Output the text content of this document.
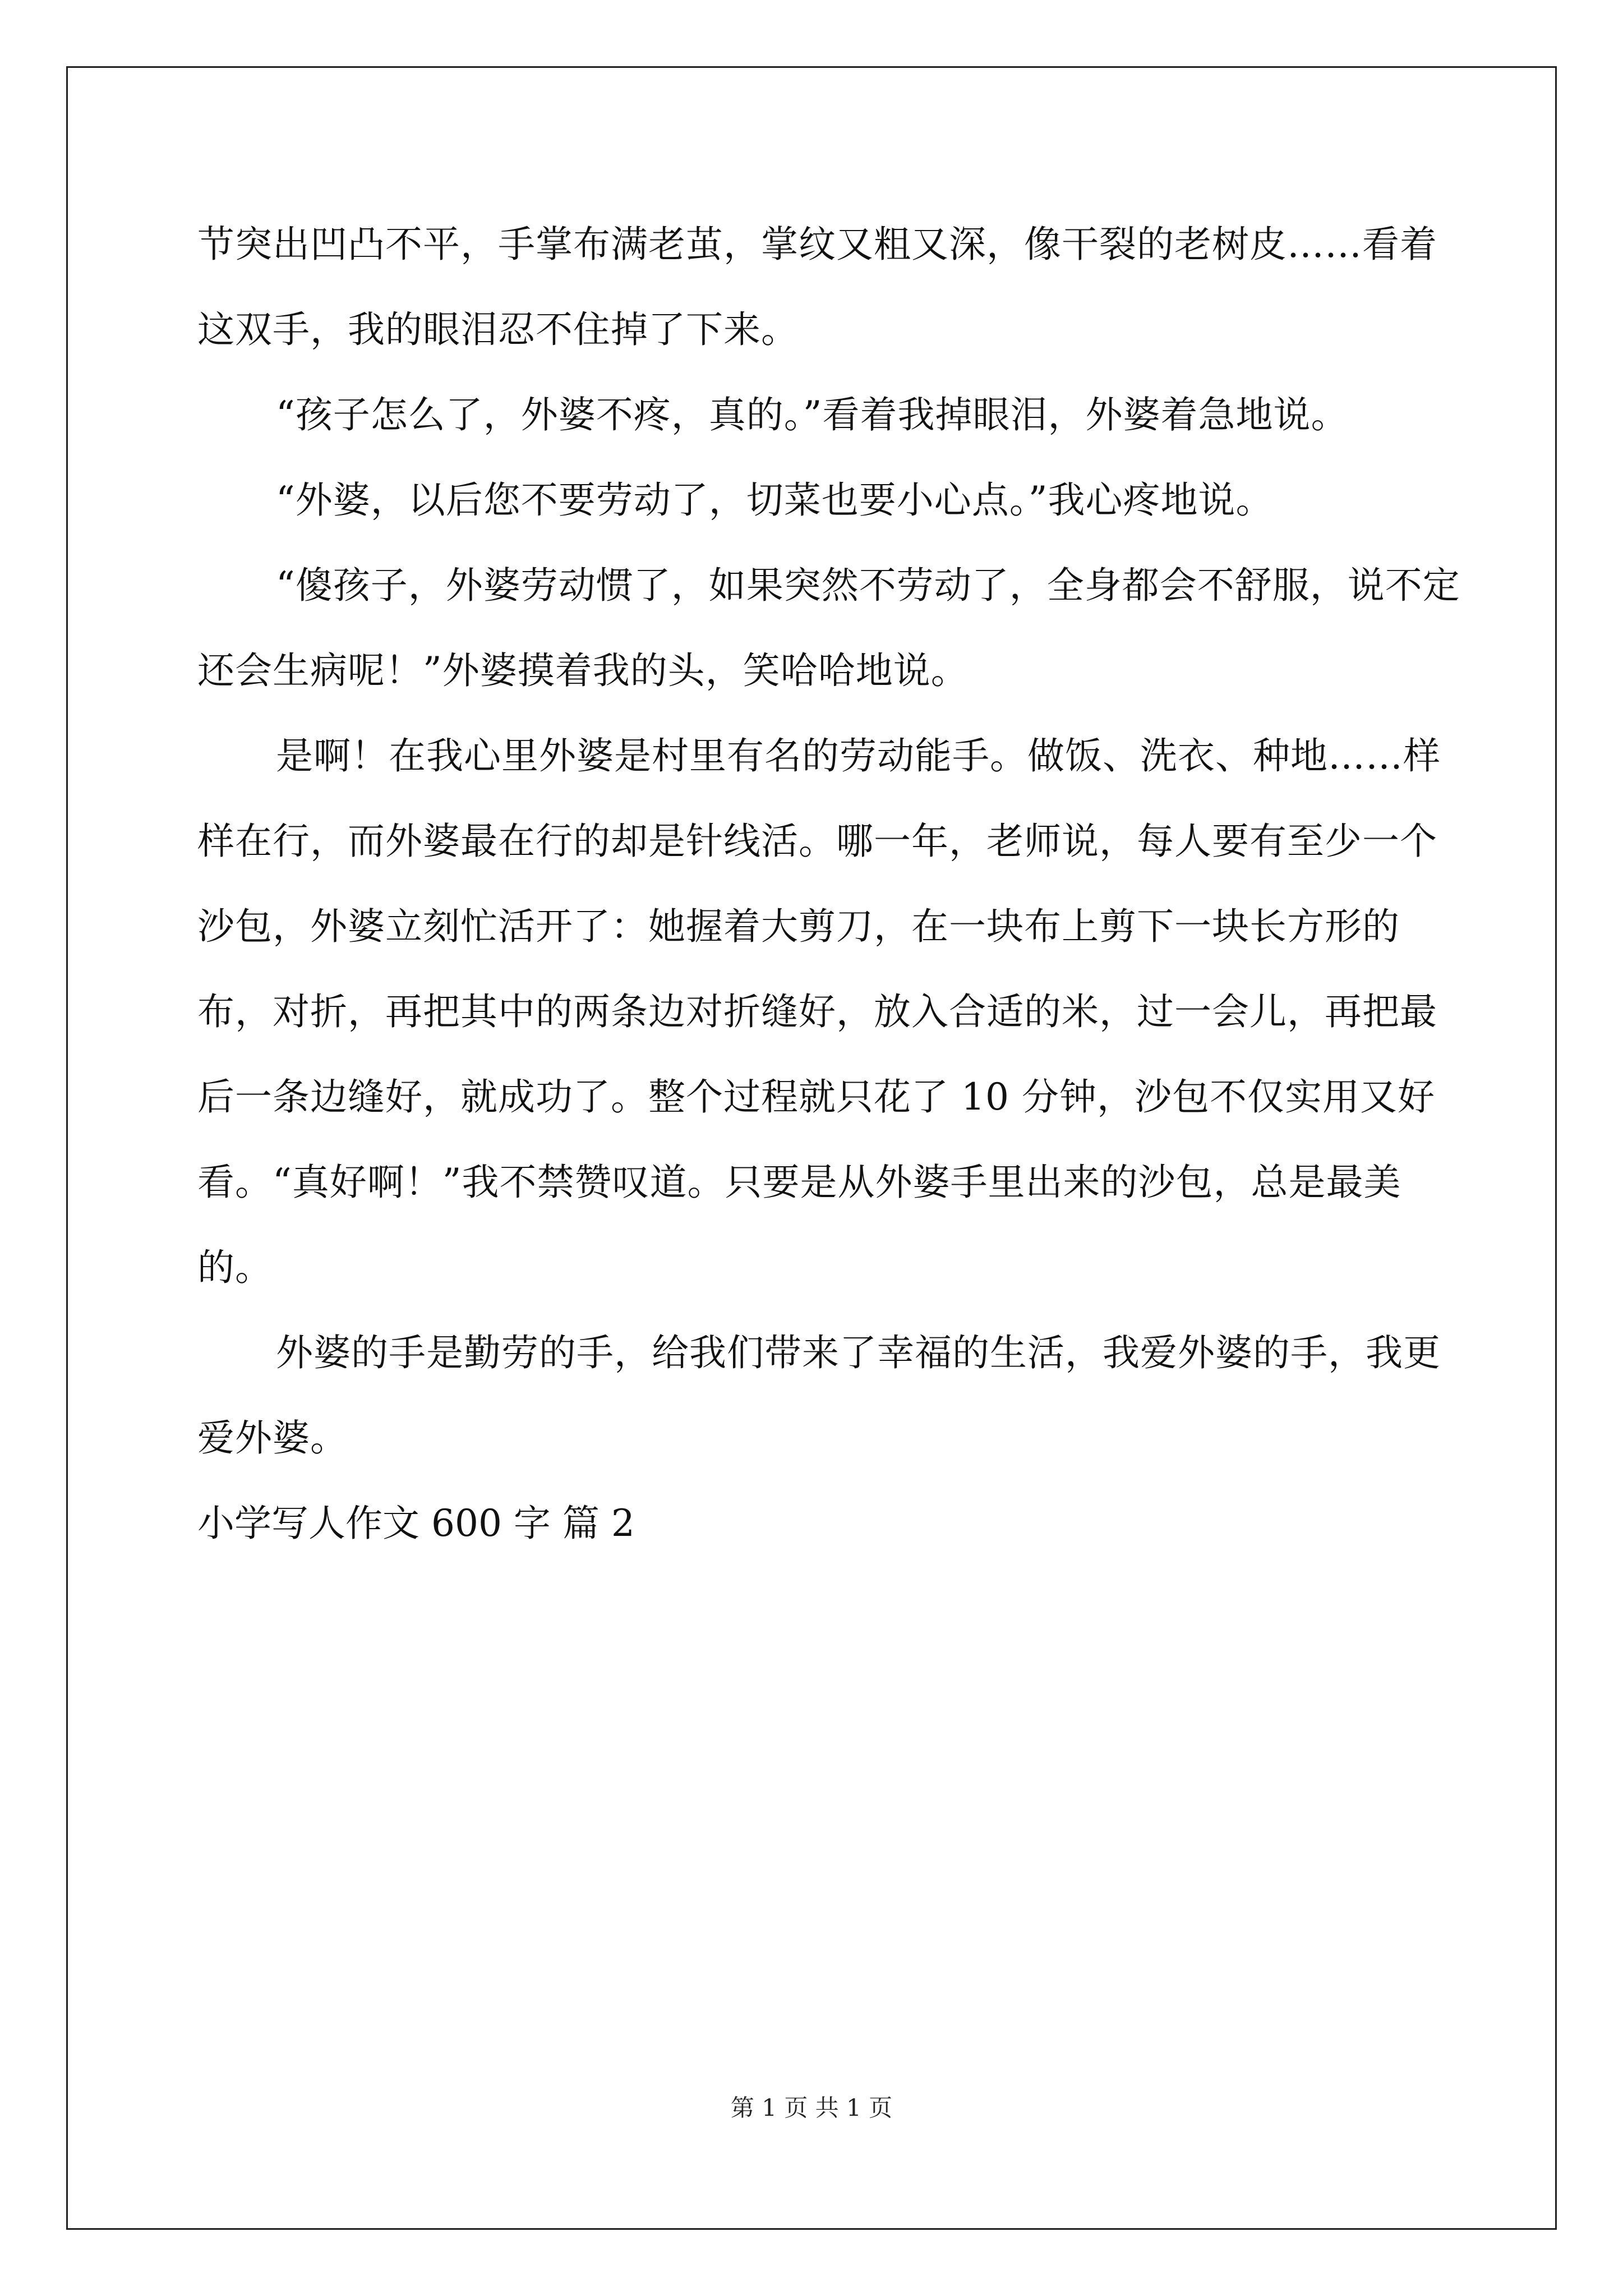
节突出凹凸不平，手掌布满老茧，掌纹又粗又深，像干裂的老树皮……看着这双手，我的眼泪忍不住掉了下来。

“孩子怎么了，外婆不疼，真的。”看着我掉眼泪，外婆着急地说。

“外婆，以后您不要劳动了，切菜也要小心点。”我心疼地说。

“傻孩子，外婆劳动惯了，如果突然不劳动了，全身都会不舒服，说不定还会生病呢！”外婆摸着我的头，笑哈哈地说。

是啊！在我心里外婆是村里有名的劳动能手。做饭、洗衣、种地……样样在行，而外婆最在行的却是针线活。哪一年，老师说，每人要有至少一个沙包，外婆立刻忙活开了：她握着大剪刀，在一块布上剪下一块长方形的布，对折，再把其中的两条边对折缝好，放入合适的米，过一会儿，再把最后一条边缝好，就成功了。整个过程就只花了 10 分钟，沙包不仅实用又好看。“真好啊！”我不禁赞叹道。只要是从外婆手里出来的沙包，总是最美的。

外婆的手是勤劳的手，给我们带来了幸福的生活，我爱外婆的手，我更爱外婆。

小学写人作文 600 字 篇 2

第 1 页 共 1 页
